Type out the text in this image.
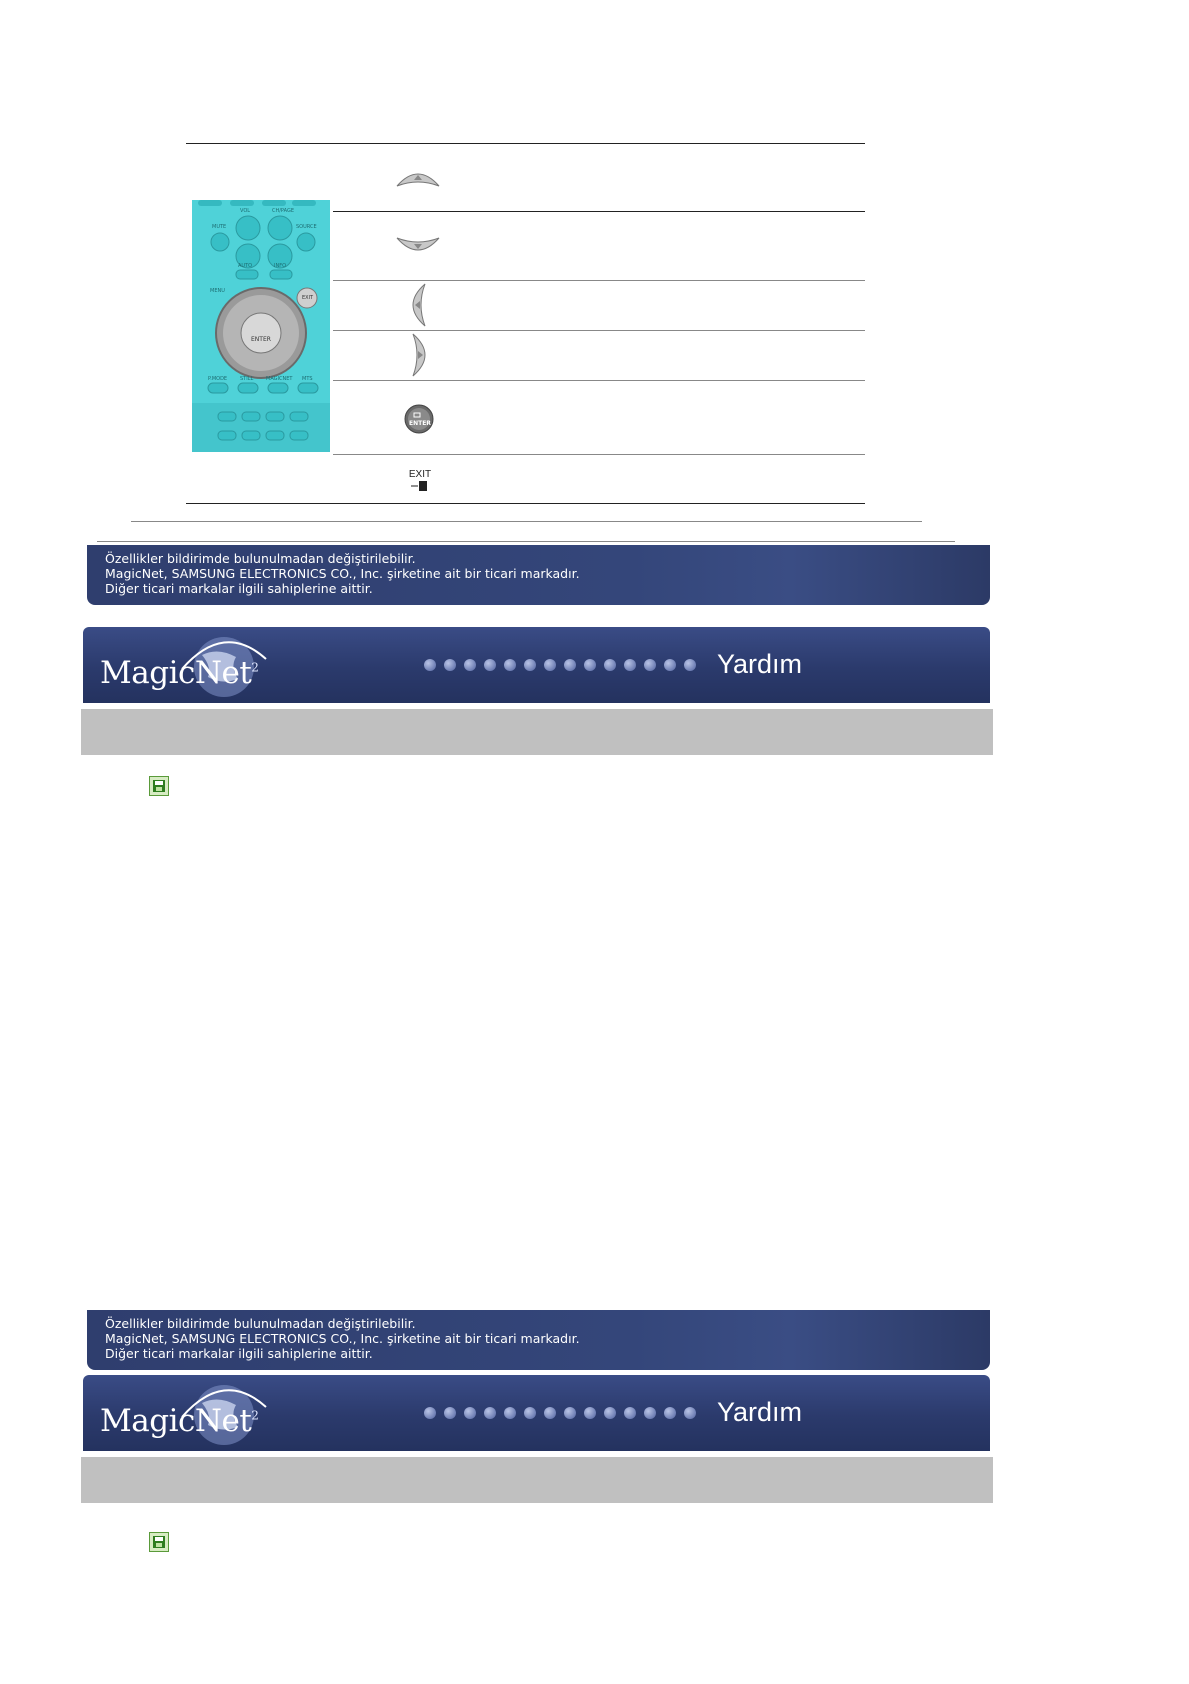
VOL	CH/PAGE
MUTE	SOURCE
AUTO	INFO
MENU
EXIT
ENTER
P.MODE	STILL	MAGICNET MTS
ENTER
EXIT
Özellikler bildirimde bulunulmadan değiştirilebilir.
MagicNet, SAMSUNG ELECTRONICS CO., Inc. şirketine ait bir ticari markadır.
Diğer ticari markalar ilgili sahiplerine aittir.
MagicNet$^2$	Yardım
Özellikler bildirimde bulunulmadan değiştirilebilir.
MagicNet, SAMSUNG ELECTRONICS CO., Inc. şirketine ait bir ticari markadır.
Diğer ticari markalar ilgili sahiplerine aittir.
MagicNet$^2$	Yardım
